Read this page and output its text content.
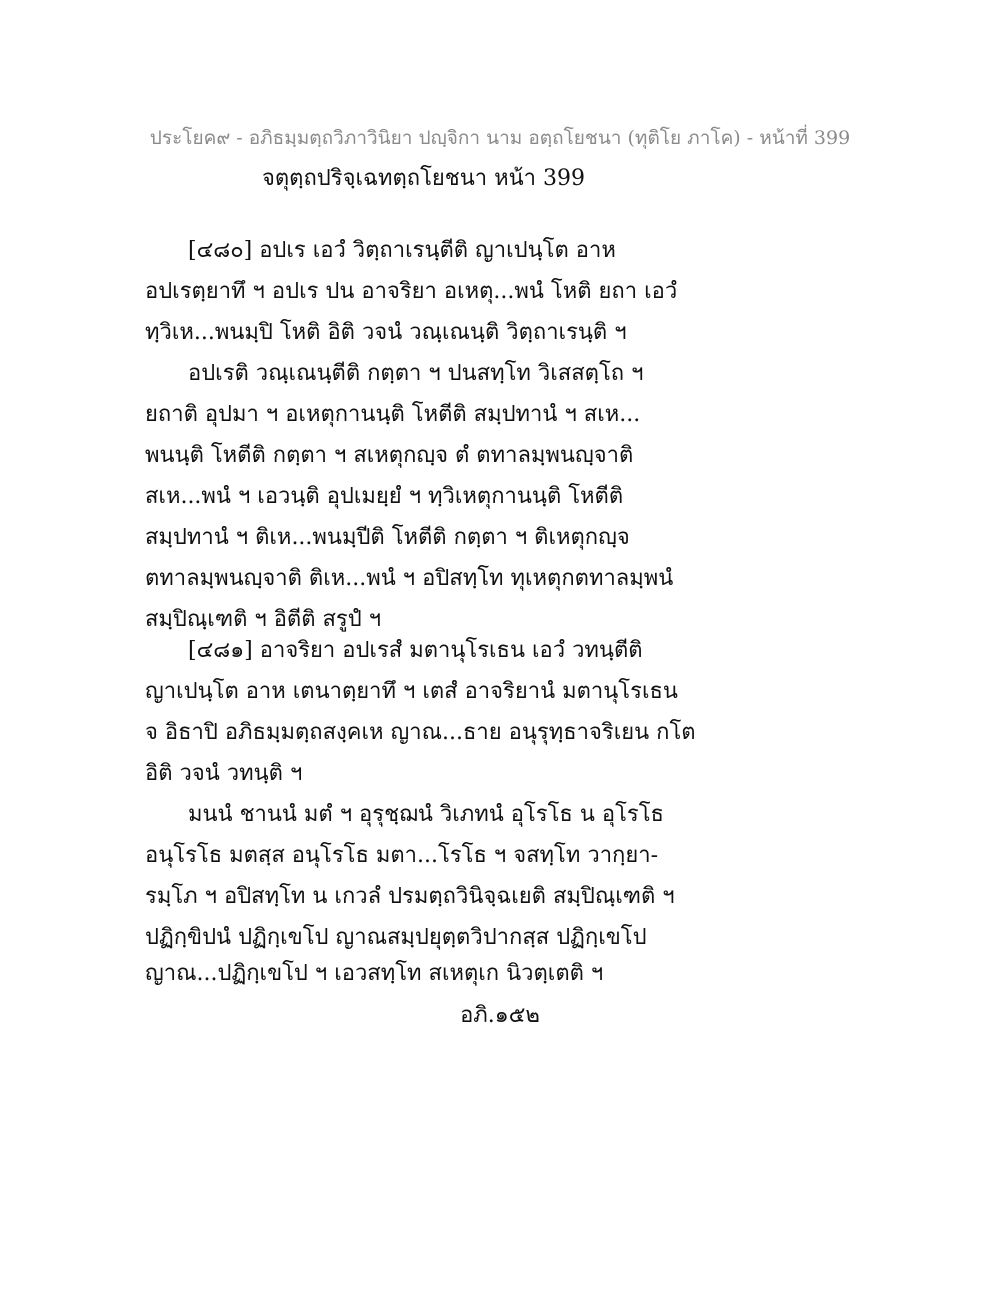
ประโยค๙ - อภิธมฺมตฺถวิภาวินิยา ปญฺจิกา นาม อตฺถโยชนา (ทุติโย ภาโค) - หน้าที่ 399
จตุตฺถปริจฺเฉทตฺถโยชนา หน้า 399
[๔๘๐] อปเร เอวํ วิตฺถาเรนฺตีติ ญาเปนฺโต อาห
อปเรตฺยาทึ ฯ อปเร ปน อาจริยา อเหตุ...พนํ โหติ ยถา เอวํ
ทฺวิเห...พนมฺปิ โหติ อิติ วจนํ วณฺเณนฺติ วิตฺถาเรนฺติ ฯ
อปเรติ วณฺเณนฺตีติ กตฺตา ฯ ปนสทฺโท วิเสสตฺโถ ฯ
ยถาติ อุปมา ฯ อเหตุกานนฺติ โหตีติ สมฺปทานํ ฯ สเห...
พนนฺติ โหตีติ กตฺตา ฯ สเหตุกญฺจ ตํ ตทาลมฺพนญฺจาติ
สเห...พนํ ฯ เอวนฺติ อุปเมยฺยํ ฯ ทฺวิเหตุกานนฺติ โหตีติ
สมฺปทานํ ฯ ติเห...พนมฺปีติ โหตีติ กตฺตา ฯ ติเหตุกญฺจ
ตทาลมฺพนญฺจาติ ติเห...พนํ ฯ อปิสทฺโท ทุเหตุกตทาลมฺพนํ
สมฺปิณฺเฑติ ฯ อิตีติ สรูปํ ฯ
[๔๘๑] อาจริยา อปเรสํ มตานุโรเธน เอวํ วทนฺตีติ
ญาเปนฺโต อาห เตนาตฺยาทึ ฯ เตสํ อาจริยานํ มตานุโรเธน
จ อิธาปิ อภิธมฺมตฺถสงฺคเห ญาณ...ธาย อนุรุทฺธาจริเยน กโต
อิติ วจนํ วทนฺติ ฯ
มนนํ ชานนํ มตํ ฯ อุรุชฺฌนํ วิเภทนํ อุโรโธ น อุโรโธ
อนุโรโธ มตสฺส อนุโรโธ มตา...โรโธ ฯ จสทฺโท วากฺยา-
รมฺโภ ฯ อปิสทฺโท น เกวลํ ปรมตฺถวินิจฺฉเยติ สมฺปิณฺเฑติ ฯ
ปฏิกฺขิปนํ ปฏิกฺเขโป ญาณสมฺปยุตฺตวิปากสฺส ปฏิกฺเขโป
ญาณ...ปฏิกฺเขโป ฯ เอวสทฺโท สเหตุเก นิวตฺเตติ ฯ
อภิ.๑๕๒
